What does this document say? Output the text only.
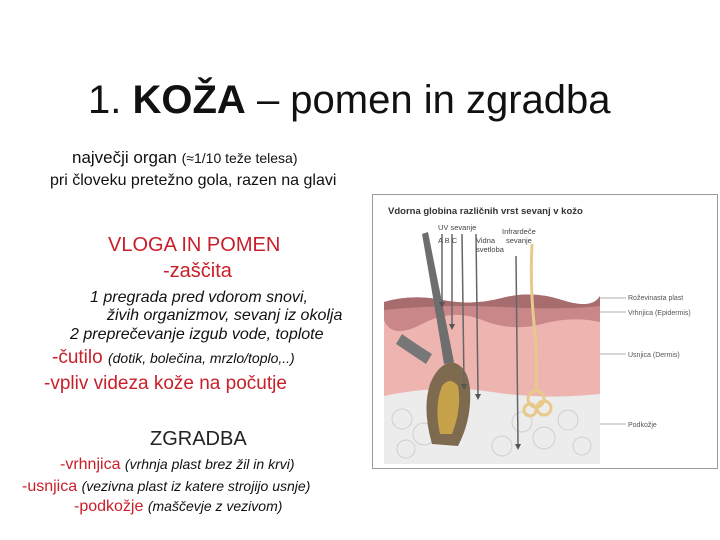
1. KOŽA – pomen in zgradba
največji organ (≈1/10 teže telesa)
pri človeku pretežno gola, razen na glavi
VLOGA IN POMEN
-zaščita
1 pregrada pred vdorom snovi,
živih organizmov, sevanj iz okolja
2 preprečevanje izgub vode, toplote
-čutilo (dotik, bolečina, mrzlo/toplo,..)
-vpliv videza kože na počutje
ZGRADBA
-vrhnjica (vrhnja plast brez žil in krvi)
-usnjica (vezivna plast iz katere strojijo usnje)
-podkožje (maščevje z vezivom)
Vdorna globina različnih vrst sevanj v kožo
UV sevanje
A B C	Vidna
svetloba
Infrardeče
sevanje
Roževinasta plast
Vrhnjica (Epidermis)
Usnjica (Dermis)
Podkožje
